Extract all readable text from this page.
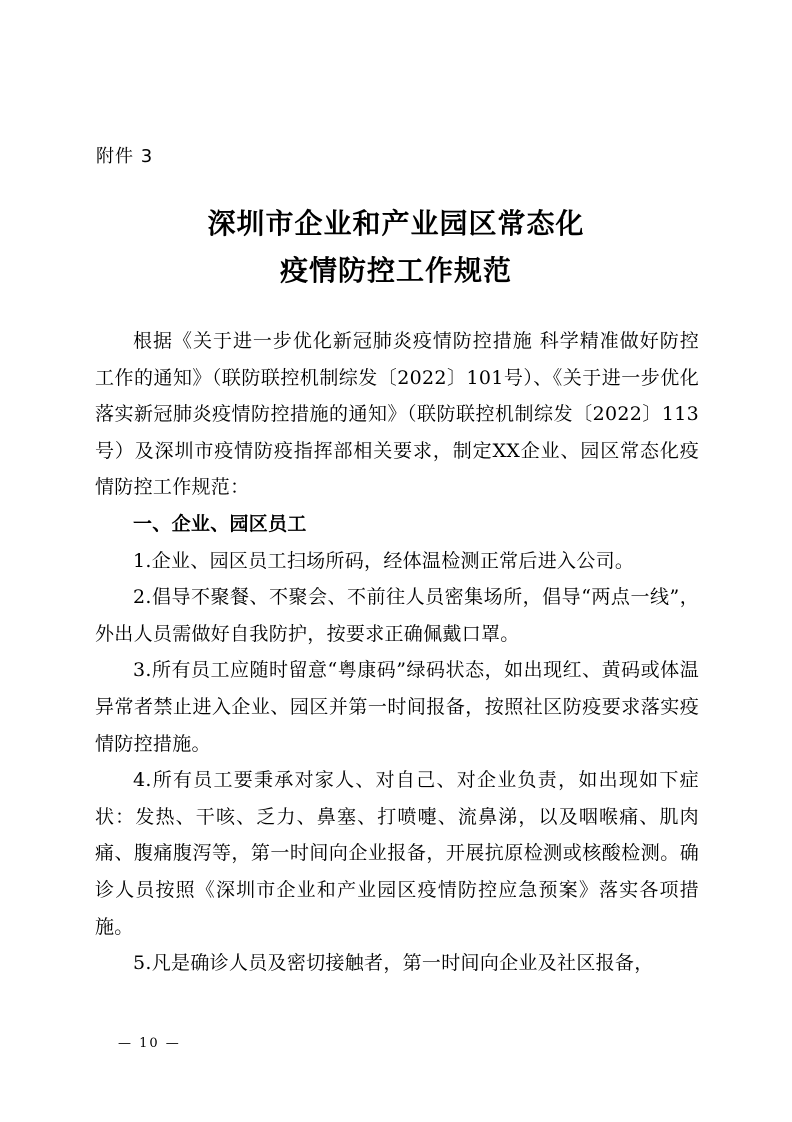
附件 3
深圳市企业和产业园区常态化
疫情防控工作规范

根据《关于进一步优化新冠肺炎疫情防控措施 科学精准做好防控工作的通知》（联防联控机制综发〔2022〕101号）、《关于进一步优化落实新冠肺炎疫情防控措施的通知》（联防联控机制综发〔2022〕113号）及深圳市疫情防疫指挥部相关要求，制定XX企业、园区常态化疫情防控工作规范：

一、企业、园区员工

1.企业、园区员工扫场所码，经体温检测正常后进入公司。

2.倡导不聚餐、不聚会、不前往人员密集场所，倡导“两点一线”，外出人员需做好自我防护，按要求正确佩戴口罩。

3.所有员工应随时留意“粤康码”绿码状态，如出现红、黄码或体温异常者禁止进入企业、园区并第一时间报备，按照社区防疫要求落实疫情防控措施。

4.所有员工要秉承对家人、对自己、对企业负责，如出现如下症状：发热、干咳、乏力、鼻塞、打喷嚏、流鼻涕，以及咽喉痛、肌肉痛、腹痛腹泻等，第一时间向企业报备，开展抗原检测或核酸检测。确诊人员按照《深圳市企业和产业园区疫情防控应急预案》落实各项措施。

5.凡是确诊人员及密切接触者，第一时间向企业及社区报备，

— 10 —
